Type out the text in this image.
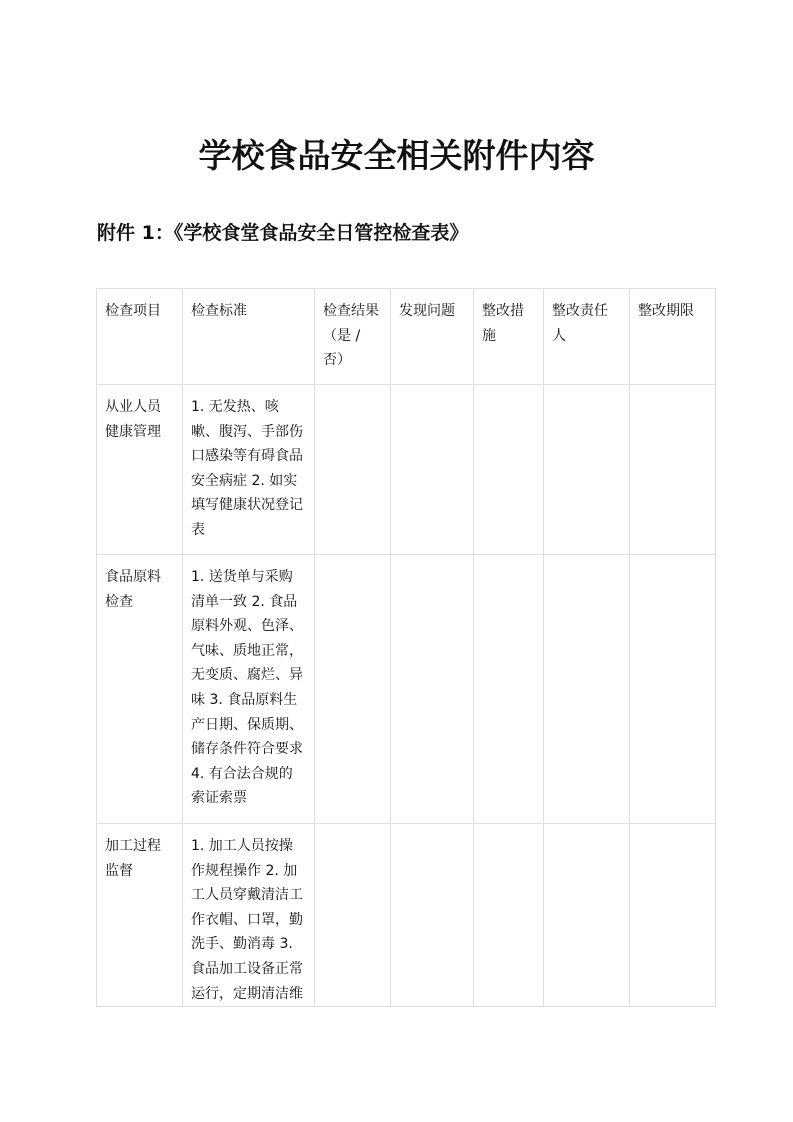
学校食品安全相关附件内容
附件 1：《学校食堂食品安全日管控检查表》
检查项目	检查标准	检查结果（是 / 否）	发现问题	整改措施	整改责任人	整改期限
从业人员健康管理	1. 无发热、咳嗽、腹泻、手部伤口感染等有碍食品安全病症 2. 如实填写健康状况登记表					
食品原料检查	1. 送货单与采购清单一致 2. 食品原料外观、色泽、气味、质地正常，无变质、腐烂、异味 3. 食品原料生产日期、保质期、储存条件符合要求 4. 有合法合规的索证索票					
加工过程监督	1. 加工人员按操作规程操作 2. 加工人员穿戴清洁工作衣帽、口罩，勤洗手、勤消毒 3. 食品加工设备正常运行，定期清洁维					
